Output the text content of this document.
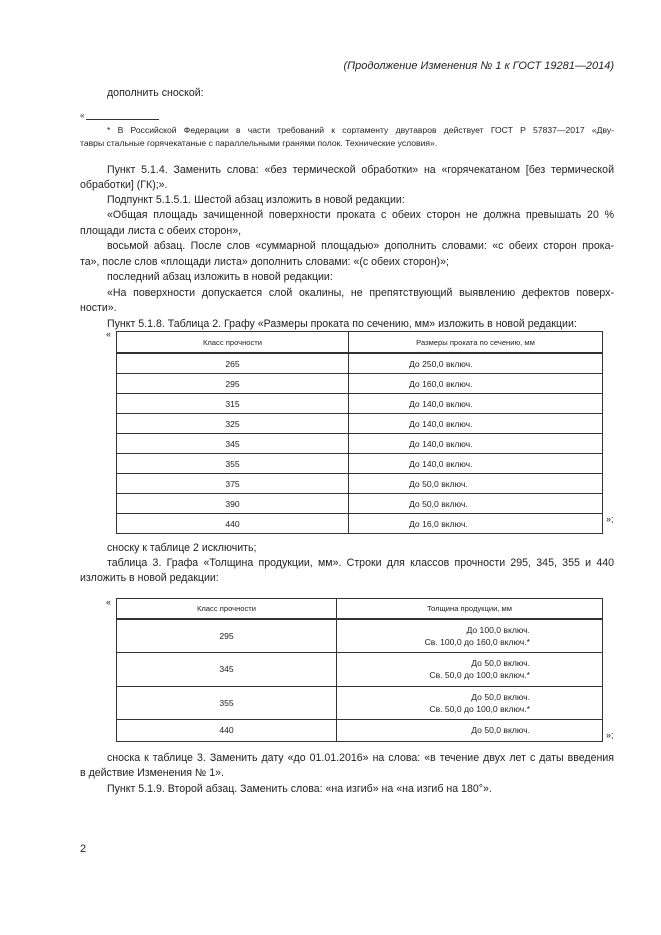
(Продолжение Изменения № 1 к ГОСТ 19281—2014)
дополнить сноской:
«
* В Российской Федерации в части требований к сортаменту двутавров действует ГОСТ Р 57837—2017 «Дву-
тавры стальные горячекатаные с параллельными гранями полок. Технические условия».
Пункт 5.1.4. Заменить слова: «без термической обработки» на «горячекатаном [без термической
обработки] (ГК);».
Подпункт 5.1.5.1. Шестой абзац изложить в новой редакции:
«Общая площадь зачищенной поверхности проката с обеих сторон не должна превышать 20 %
площади листа с обеих сторон»,
восьмой абзац. После слов «суммарной площадью» дополнить словами: «с обеих сторон прока-
та», после слов «площади листа» дополнить словами: «(с обеих сторон)»;
последний абзац изложить в новой редакции:
«На поверхности допускается слой окалины, не препятствующий выявлению дефектов поверх-
ности».
Пункт 5.1.8. Таблица 2. Графу «Размеры проката по сечению, мм» изложить в новой редакции:
«
Класс прочности	Размеры проката по сечению, мм
265	До 250,0 включ.
295	До 160,0 включ.
315	До 140,0 включ.
325	До 140,0 включ.
345	До 140,0 включ.
355	До 140,0 включ.
375	До 50,0 включ.
390	До 50,0 включ.
440	До 16,0 включ.	»;
сноску к таблице 2 исключить;
таблица 3. Графа «Толщина продукции, мм». Строки для классов прочности 295, 345, 355 и 440
изложить в новой редакции:
«
Класс прочности	Толщина продукции, мм
295	До 100,0 включ.
Св. 100,0 до 160,0 включ.*

345	До 50,0 включ.
Св. 50,0 до 100,0 включ.*

355	До 50,0 включ.
Св. 50,0 до 100,0 включ.*

440	До 50,0 включ.	»;
сноска к таблице 3. Заменить дату «до 01.01.2016» на слова: «в течение двух лет с даты введения
в действие Изменения № 1».
Пункт 5.1.9. Второй абзац. Заменить слова: «на изгиб» на «на изгиб на 180°».
2
